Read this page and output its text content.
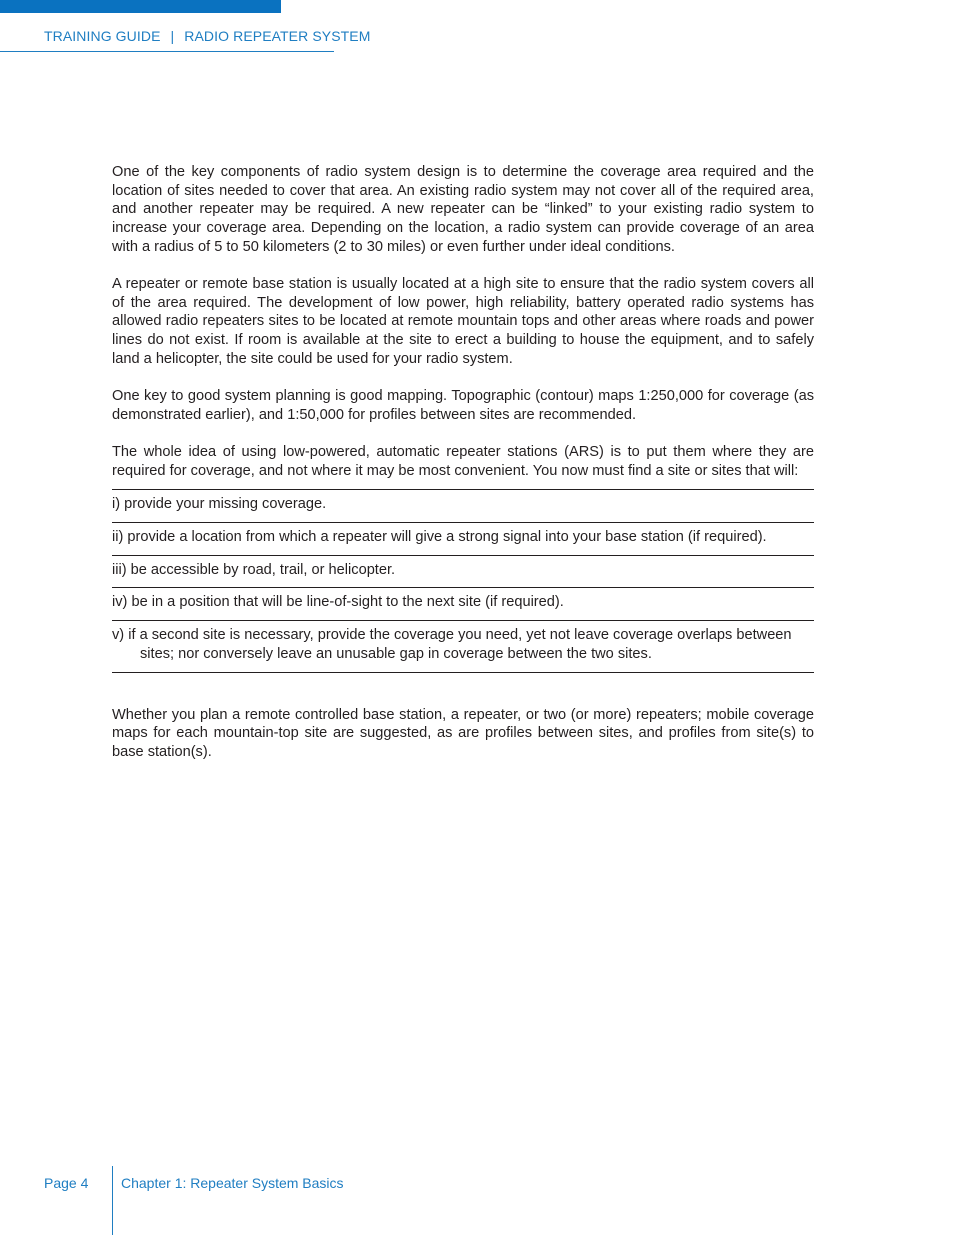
TRAINING GUIDE | RADIO REPEATER SYSTEM

One of the key components of radio system design is to determine the coverage area required and the location of sites needed to cover that area. An existing radio system may not cover all of the required area, and another repeater may be required. A new repeater can be “linked” to your existing radio system to increase your coverage area. Depending on the location, a radio system can provide coverage of an area with a radius of 5 to 50 kilometers (2 to 30 miles) or even further under ideal conditions.

A repeater or remote base station is usually located at a high site to ensure that the radio system covers all of the area required. The development of low power, high reliability, battery operated radio systems has allowed radio repeaters sites to be located at remote mountain tops and other areas where roads and power lines do not exist. If room is available at the site to erect a building to house the equipment, and to safely land a helicopter, the site could be used for your radio system.

One key to good system planning is good mapping. Topographic (contour) maps 1:250,000 for coverage (as demonstrated earlier), and 1:50,000 for profiles between sites are recommended.

The whole idea of using low-powered, automatic repeater stations (ARS) is to put them where they are required for coverage, and not where it may be most convenient. You now must find a site or sites that will:

i) provide your missing coverage.
ii) provide a location from which a repeater will give a strong signal into your base station (if required).
iii) be accessible by road, trail, or helicopter.
iv) be in a position that will be line-of-sight to the next site (if required).
v) if a second site is necessary, provide the coverage you need, yet not leave coverage overlaps between sites; nor conversely leave an unusable gap in coverage between the two sites.

Whether you plan a remote controlled base station, a repeater, or two (or more) repeaters; mobile coverage maps for each mountain-top site are suggested, as are profiles between sites, and profiles from site(s) to base station(s).

Page 4 Chapter 1: Repeater System Basics
